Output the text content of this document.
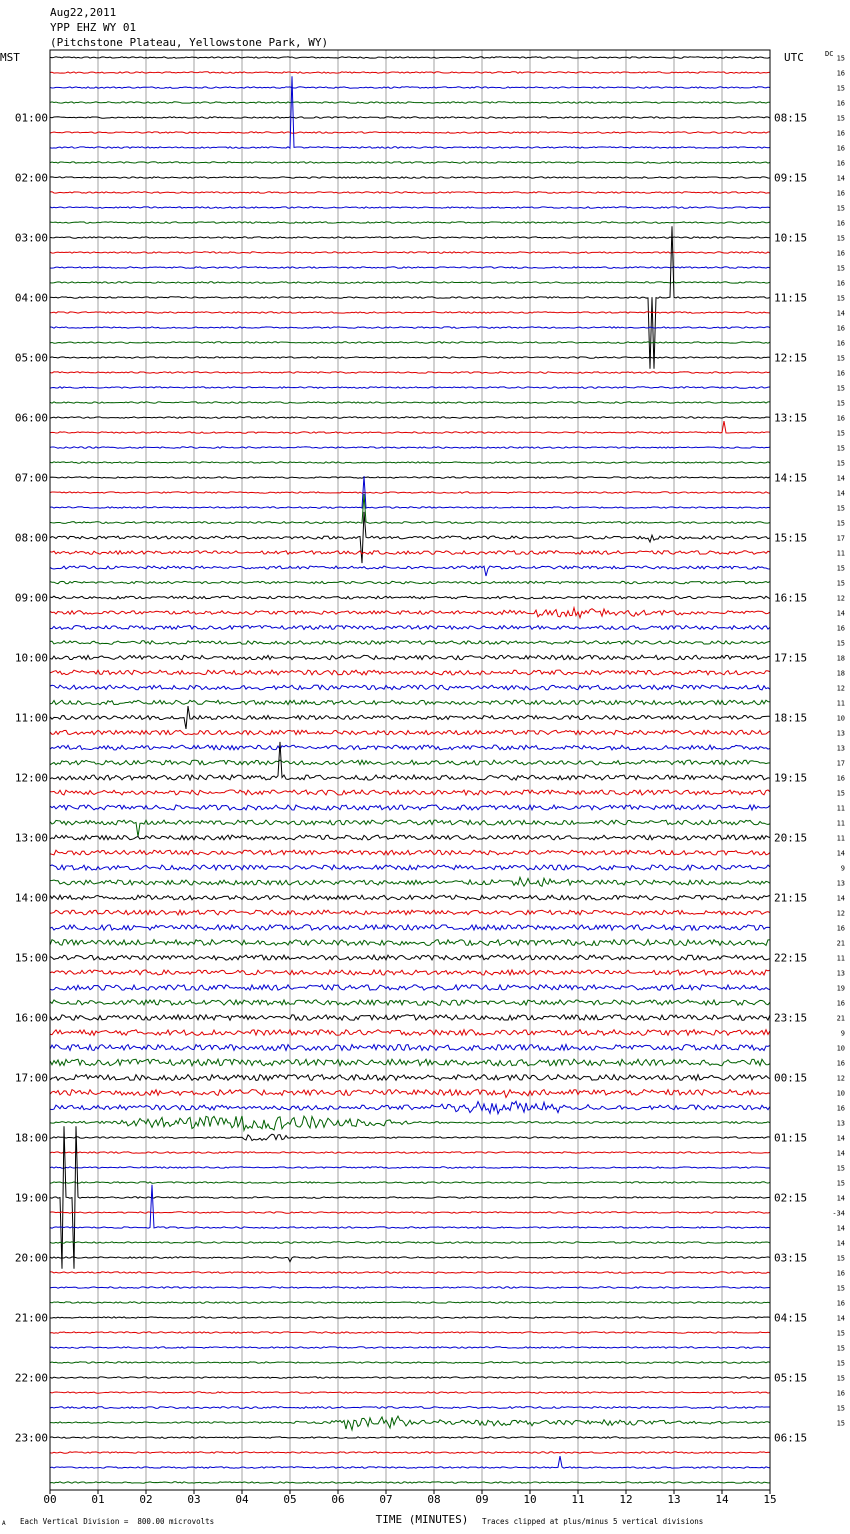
Aug22,2011
YPP EHZ WY 01
(Pitchstone Plateau, Yellowstone Park, WY)
MST	UTC	DC
00	01	02	03	04	05	06	07	08	09	10	11	12	13	14	15
15
16
15
16
15
01:00	08:15
16
16
16
14
02:00	09:15
16
15
16
15
03:00	10:15
16
15
16
15
04:00	11:15
14
16
16
15
05:00	12:15
16
15
15
16
06:00	13:15
15
15
15
14
07:00	14:15
14
15
15
17
08:00	15:15
11
15
15
12
09:00	16:15
14
16
15
18
10:00	17:15
18
12
11
10
11:00	18:15
13
13
17
16
12:00	19:15
15
11
11
11
13:00	20:15
14
9
13
14
14:00	21:15
12
16
21
11
15:00	22:15
13
19
16
21
16:00	23:15
9
10
16
12
17:00	00:15
10
16
13
14
18:00	01:15
14
15
15
14
19:00	02:15
-34
14
14
15
20:00	03:15
16
15
16
14
21:00	04:15
15
15
15
15
22:00	05:15
16
15
15
23:00	06:15
TIME (MINUTES)
Each Vertical Division =  800.00 microvolts	Traces clipped at plus/minus 5 vertical divisions
A
